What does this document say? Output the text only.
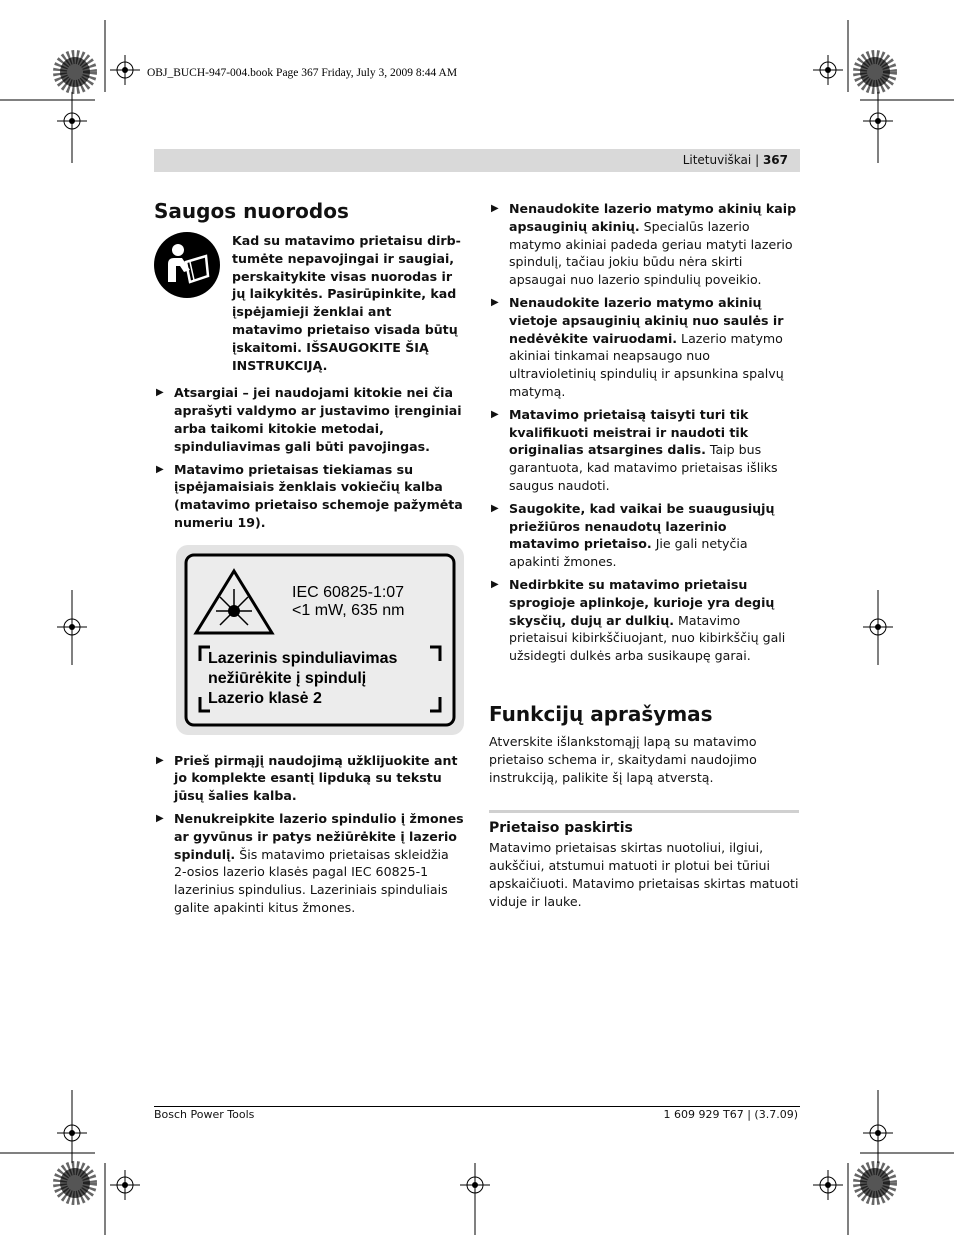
OBJ_BUCH-947-004.book Page 367 Friday, July 3, 2009 8:44 AM
Litetuviškai | 367
Saugos nuorodos
Kad su matavimo prietaisu dirb-tumėte nepavojingai ir saugiai, perskaitykite visas nuorodas ir jų laikykitės. Pasirūpinkite, kad įspėjamieji ženklai ant matavimo prietaiso visada būtų įskaitomi. IŠSAUGOKITE ŠIĄ INSTRUKCIJĄ.
▶ Atsargiai – jei naudojami kitokie nei čia aprašyti valdymo ar justavimo įrenginiai arba taikomi kitokie metodai, spinduliavimas gali būti pavojingas.
▶ Matavimo prietaisas tiekiamas su įspėjamaisiais ženklais vokiečių kalba (matavimo prietaiso schemoje pažymėta numeriu 19).
IEC 60825-1:07
<1 mW, 635 nm
Lazerinis spinduliavimas
nežiūrėkite į spindulį
Lazerio klasė 2
▶ Prieš pirmąjį naudojimą užklijuokite ant jo komplekte esantį lipduką su tekstu jūsų šalies kalba.
▶ Nenukreipkite lazerio spindulio į žmones ar gyvūnus ir patys nežiūrėkite į lazerio spindulį. Šis matavimo prietaisas skleidžia 2-osios lazerio klasės pagal IEC 60825-1 lazerinius spindulius. Lazeriniais spinduliais galite apakinti kitus žmones.
▶ Nenaudokite lazerio matymo akinių kaip apsauginių akinių. Specialūs lazerio matymo akiniai padeda geriau matyti lazerio spindulį, tačiau jokiu būdu nėra skirti apsaugai nuo lazerio spindulių poveikio.
▶ Nenaudokite lazerio matymo akinių vietoje apsauginių akinių nuo saulės ir nedėvėkite vairuodami. Lazerio matymo akiniai tinkamai neapsaugo nuo ultravioletinių spindulių ir apsunkina spalvų matymą.
▶ Matavimo prietaisą taisyti turi tik kvalifikuoti meistrai ir naudoti tik originalias atsargines dalis. Taip bus garantuota, kad matavimo prietaisas išliks saugus naudoti.
▶ Saugokite, kad vaikai be suaugusiųjų priežiūros nenaudotų lazerinio matavimo prietaiso. Jie gali netyčia apakinti žmones.
▶ Nedirbkite su matavimo prietaisu sprogioje aplinkoje, kurioje yra degių skysčių, dujų ar dulkių. Matavimo prietaisui kibirkščiuojant, nuo kibirkščių gali užsidegti dulkės arba susikaupę garai.
Funkcijų aprašymas
Atverskite išlankstomąjį lapą su matavimo prietaiso schema ir, skaitydami naudojimo instrukciją, palikite šį lapą atverstą.
Prietaiso paskirtis
Matavimo prietaisas skirtas nuotoliui, ilgiui, aukščiui, atstumui matuoti ir plotui bei tūriui apskaičiuoti. Matavimo prietaisas skirtas matuoti viduje ir lauke.
Bosch Power Tools	1 609 929 T67 | (3.7.09)
